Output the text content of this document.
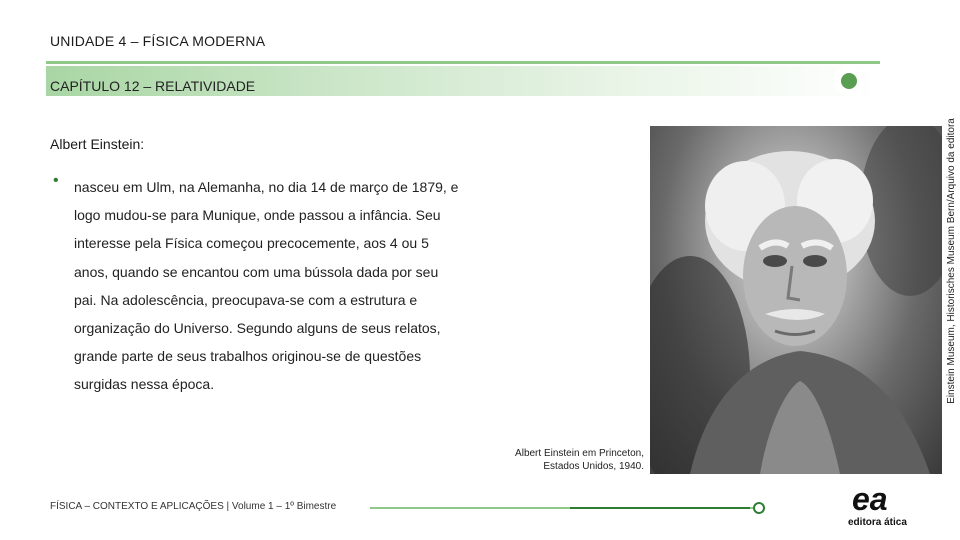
UNIDADE 4 – FÍSICA MODERNA
CAPÍTULO 12 – RELATIVIDADE
Albert Einstein:
• nasceu em Ulm, na Alemanha, no dia 14 de março de 1879, e logo mudou-se para Munique, onde passou a infância. Seu interesse pela Física começou precocemente, aos 4 ou 5 anos, quando se encantou com uma bússola dada por seu pai. Na adolescência, preocupava-se com a estrutura e organização do Universo. Segundo alguns de seus relatos, grande parte de seus trabalhos originou-se de questões surgidas nessa época.
Albert Einstein em Princeton,
Estados Unidos, 1940.
Einstein Museum, Historisches Museum Bern/Arquivo da editora
FÍSICA – CONTEXTO E APLICAÇÕES | Volume 1 – 1º Bimestre	ea
editora ática
